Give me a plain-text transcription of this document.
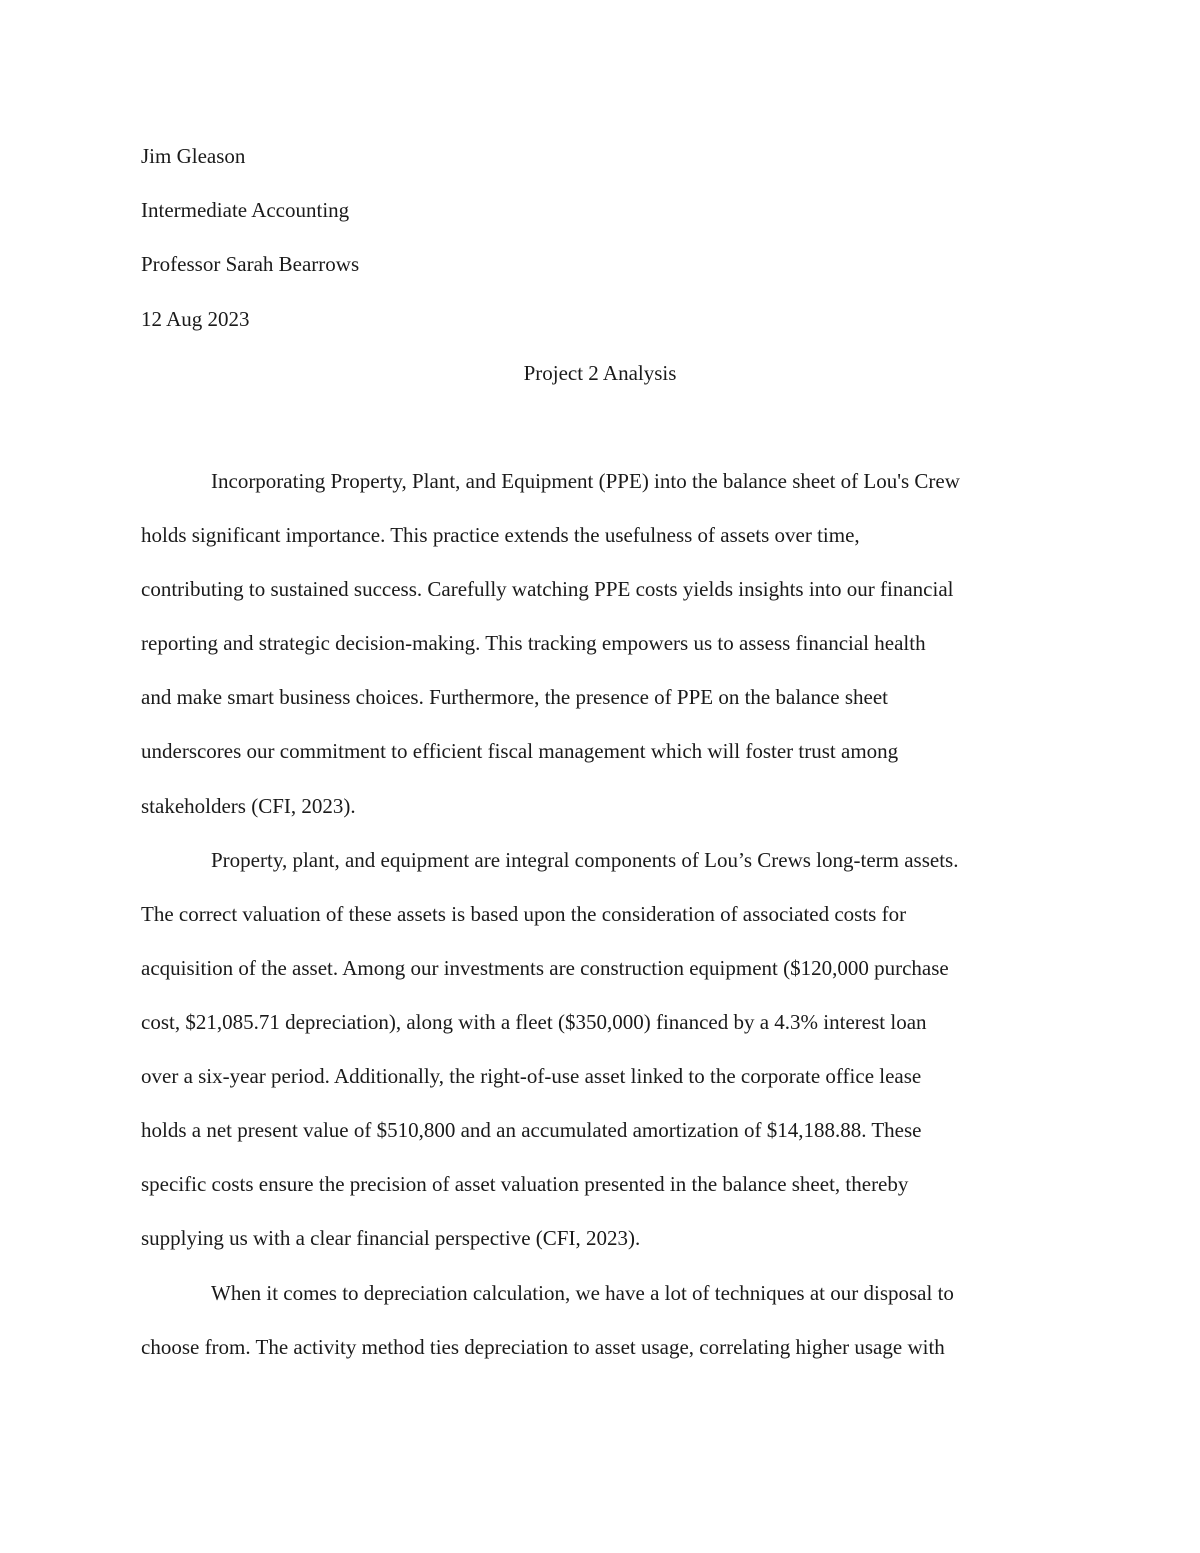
Jim Gleason
Intermediate Accounting
Professor Sarah Bearrows
12 Aug 2023
Project 2 Analysis
Incorporating Property, Plant, and Equipment (PPE) into the balance sheet of Lou's Crew
holds significant importance. This practice extends the usefulness of assets over time,
contributing to sustained success. Carefully watching PPE costs yields insights into our financial
reporting and strategic decision-making. This tracking empowers us to assess financial health
and make smart business choices. Furthermore, the presence of PPE on the balance sheet
underscores our commitment to efficient fiscal management which will foster trust among
stakeholders (CFI, 2023).
Property, plant, and equipment are integral components of Lou’s Crews long-term assets.
The correct valuation of these assets is based upon the consideration of associated costs for
acquisition of the asset. Among our investments are construction equipment ($120,000 purchase
cost, $21,085.71 depreciation), along with a fleet ($350,000) financed by a 4.3% interest loan
over a six-year period. Additionally, the right-of-use asset linked to the corporate office lease
holds a net present value of $510,800 and an accumulated amortization of $14,188.88. These
specific costs ensure the precision of asset valuation presented in the balance sheet, thereby
supplying us with a clear financial perspective (CFI, 2023).
When it comes to depreciation calculation, we have a lot of techniques at our disposal to
choose from. The activity method ties depreciation to asset usage, correlating higher usage with
